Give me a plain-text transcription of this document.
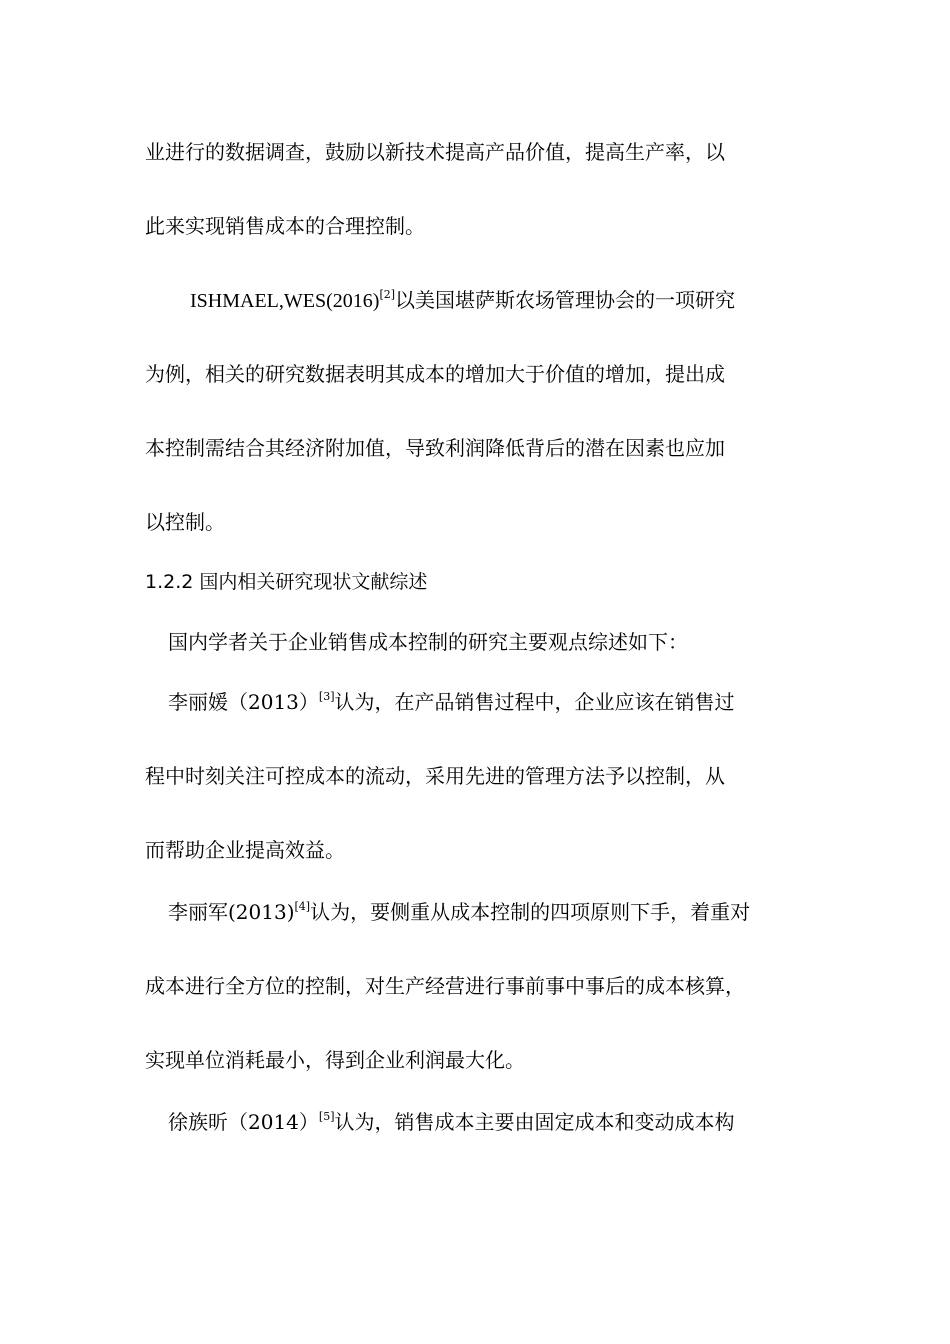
业进行的数据调查，鼓励以新技术提高产品价值，提高生产率，以
此来实现销售成本的合理控制。
ISHMAEL,WES(2016)[2]以美国堪萨斯农场管理协会的一项研究
为例，相关的研究数据表明其成本的增加大于价值的增加，提出成
本控制需结合其经济附加值，导致利润降低背后的潜在因素也应加
以控制。
1.2.2 国内相关研究现状文献综述
国内学者关于企业销售成本控制的研究主要观点综述如下：
李丽媛（2013）[3]认为，在产品销售过程中，企业应该在销售过
程中时刻关注可控成本的流动，采用先进的管理方法予以控制，从
而帮助企业提高效益。
李丽军(2013)[4]认为，要侧重从成本控制的四项原则下手，着重对
成本进行全方位的控制，对生产经营进行事前事中事后的成本核算，
实现单位消耗最小，得到企业利润最大化。
徐族昕（2014）[5]认为，销售成本主要由固定成本和变动成本构
